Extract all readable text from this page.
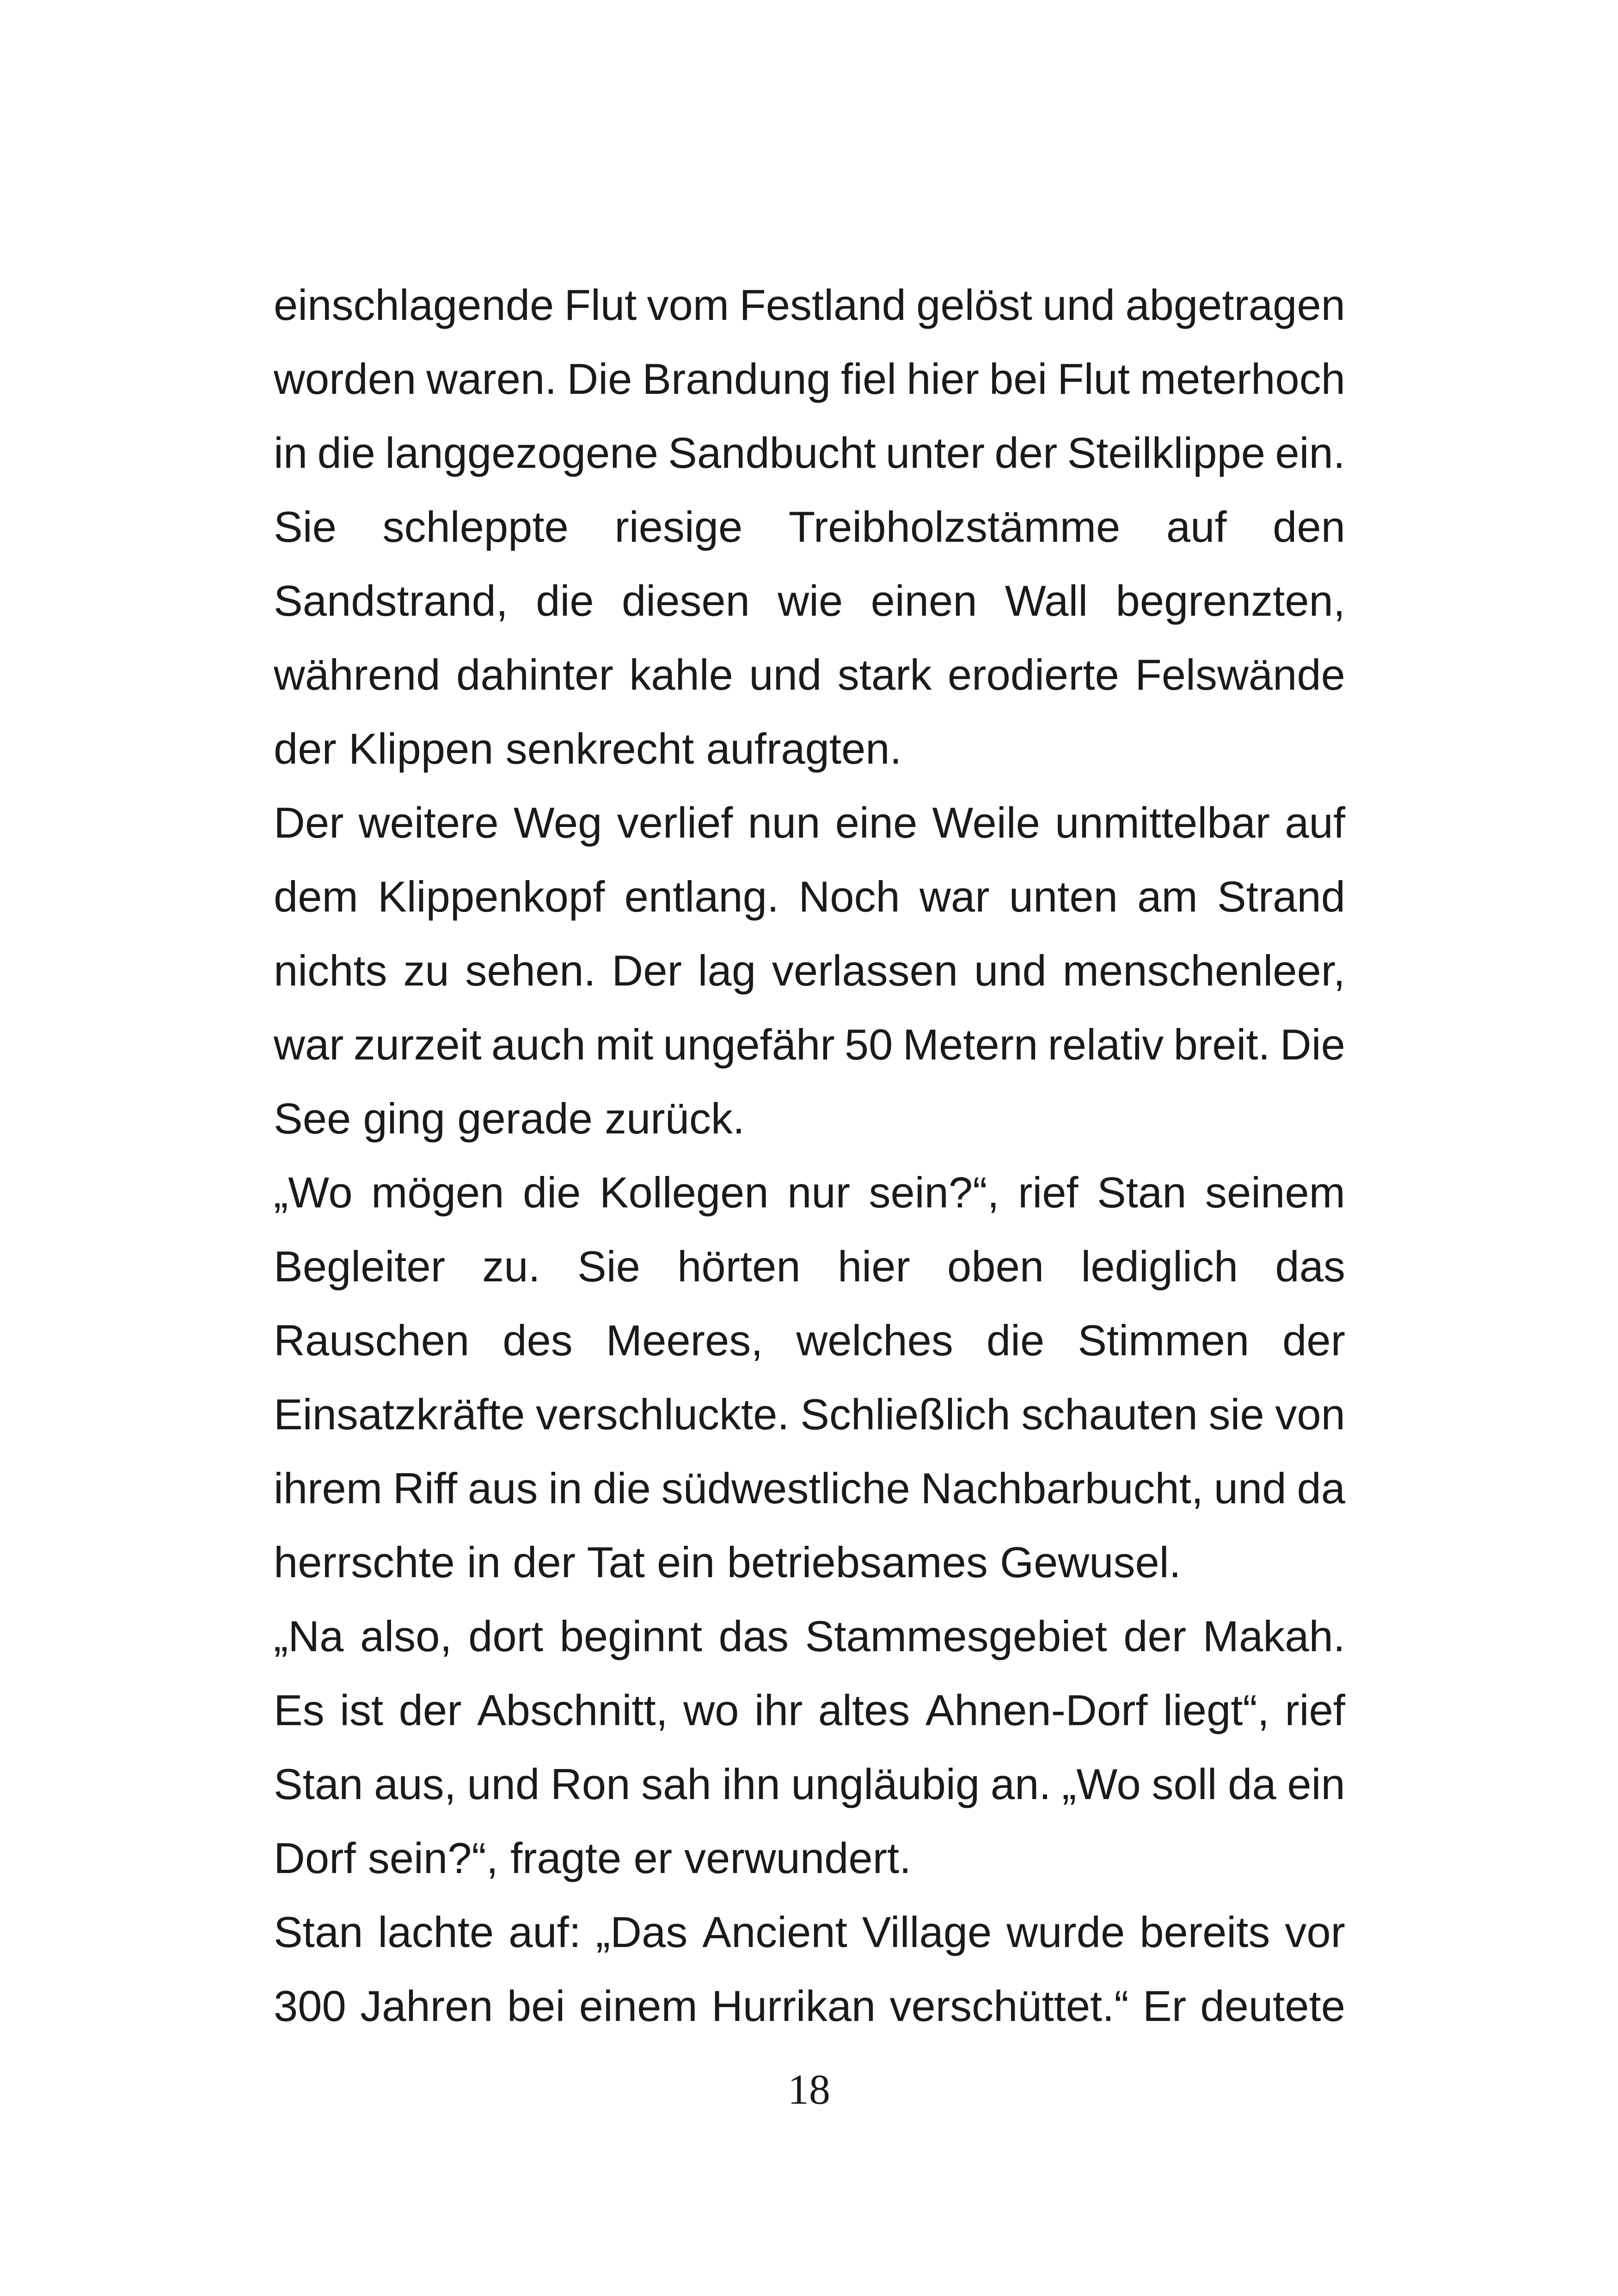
einschlagende Flut vom Festland gelöst und abgetragen
worden waren. Die Brandung fiel hier bei Flut meterhoch
in die langgezogene Sandbucht unter der Steilklippe ein.
Sie schleppte riesige Treibholzstämme auf den
Sandstrand, die diesen wie einen Wall begrenzten,
während dahinter kahle und stark erodierte Felswände
der Klippen senkrecht aufragten.
Der weitere Weg verlief nun eine Weile unmittelbar auf
dem Klippenkopf entlang. Noch war unten am Strand
nichts zu sehen. Der lag verlassen und menschenleer,
war zurzeit auch mit ungefähr 50 Metern relativ breit. Die
See ging gerade zurück.
„Wo mögen die Kollegen nur sein?“, rief Stan seinem
Begleiter zu. Sie hörten hier oben lediglich das
Rauschen des Meeres, welches die Stimmen der
Einsatzkräfte verschluckte. Schließlich schauten sie von
ihrem Riff aus in die südwestliche Nachbarbucht, und da
herrschte in der Tat ein betriebsames Gewusel.
„Na also, dort beginnt das Stammesgebiet der Makah.
Es ist der Abschnitt, wo ihr altes Ahnen-Dorf liegt“, rief
Stan aus, und Ron sah ihn ungläubig an. „Wo soll da ein
Dorf sein?“, fragte er verwundert.
Stan lachte auf: „Das Ancient Village wurde bereits vor
300 Jahren bei einem Hurrikan verschüttet.“ Er deutete
18
